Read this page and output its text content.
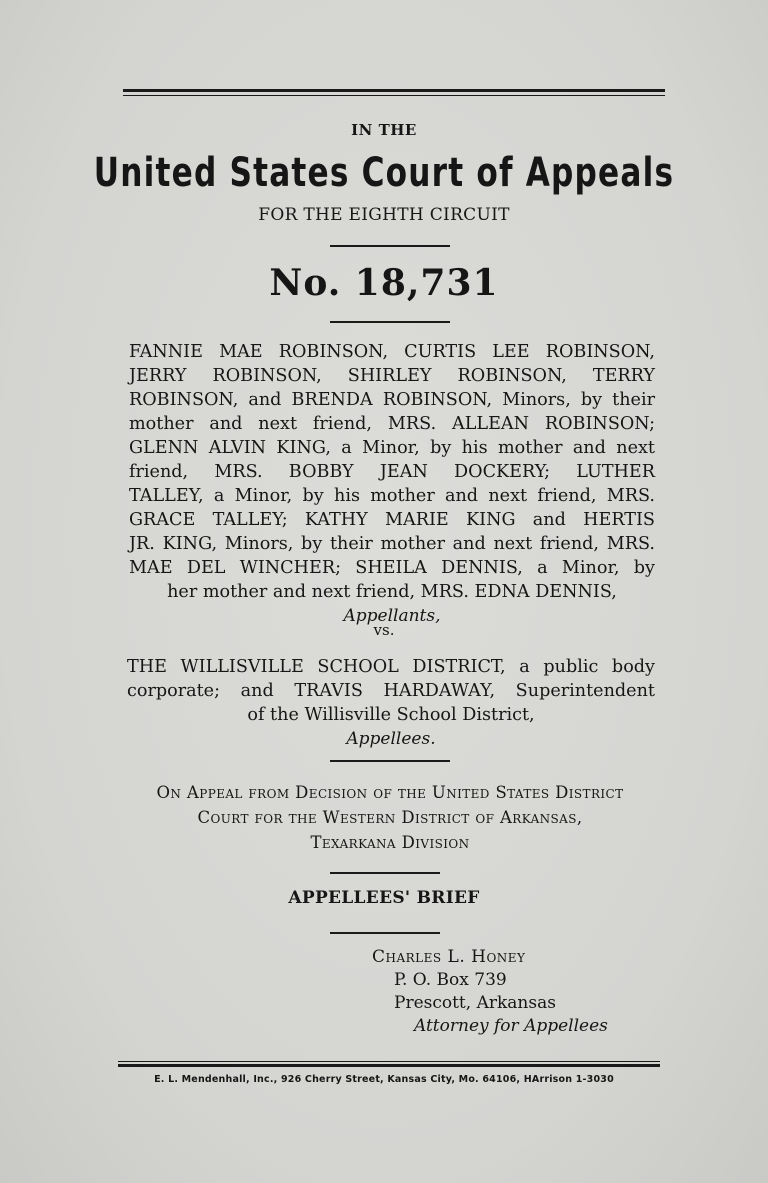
IN THE
United States Court of Appeals
FOR THE EIGHTH CIRCUIT
No. 18,731
FANNIE MAE ROBINSON, CURTIS LEE ROBINSON,
JERRY ROBINSON, SHIRLEY ROBINSON, TERRY
ROBINSON, and BRENDA ROBINSON, Minors, by their
mother and next friend, MRS. ALLEAN ROBINSON;
GLENN ALVIN KING, a Minor, by his mother and next
friend, MRS. BOBBY JEAN DOCKERY; LUTHER
TALLEY, a Minor, by his mother and next friend, MRS.
GRACE TALLEY; KATHY MARIE KING and HERTIS
JR. KING, Minors, by their mother and next friend, MRS.
MAE DEL WINCHER; SHEILA DENNIS, a Minor, by
her mother and next friend, MRS. EDNA DENNIS,
Appellants,
vs.
THE WILLISVILLE SCHOOL DISTRICT, a public body
corporate; and TRAVIS HARDAWAY, Superintendent
of the Willisville School District,
Appellees.
On Appeal from Decision of the United States District
Court for the Western District of Arkansas,
Texarkana Division
APPELLEES' BRIEF
Charles L. Honey
P. O. Box 739
Prescott, Arkansas
Attorney for Appellees
E. L. Mendenhall, Inc., 926 Cherry Street, Kansas City, Mo. 64106, HArrison 1-3030
